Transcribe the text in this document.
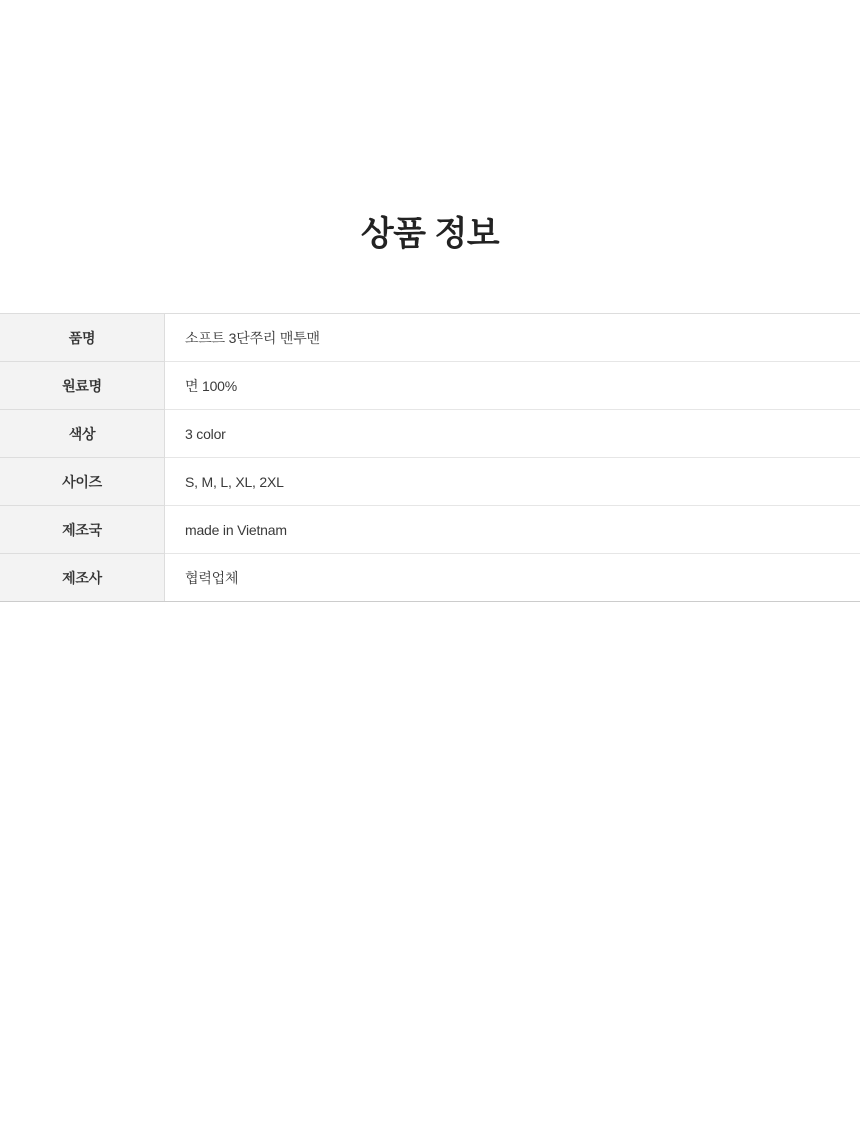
상품 정보
품명	소프트 3단쭈리 맨투맨
원료명	면 100%
색상	3 color
사이즈	S, M, L, XL, 2XL
제조국	made in Vietnam
제조사	협력업체
